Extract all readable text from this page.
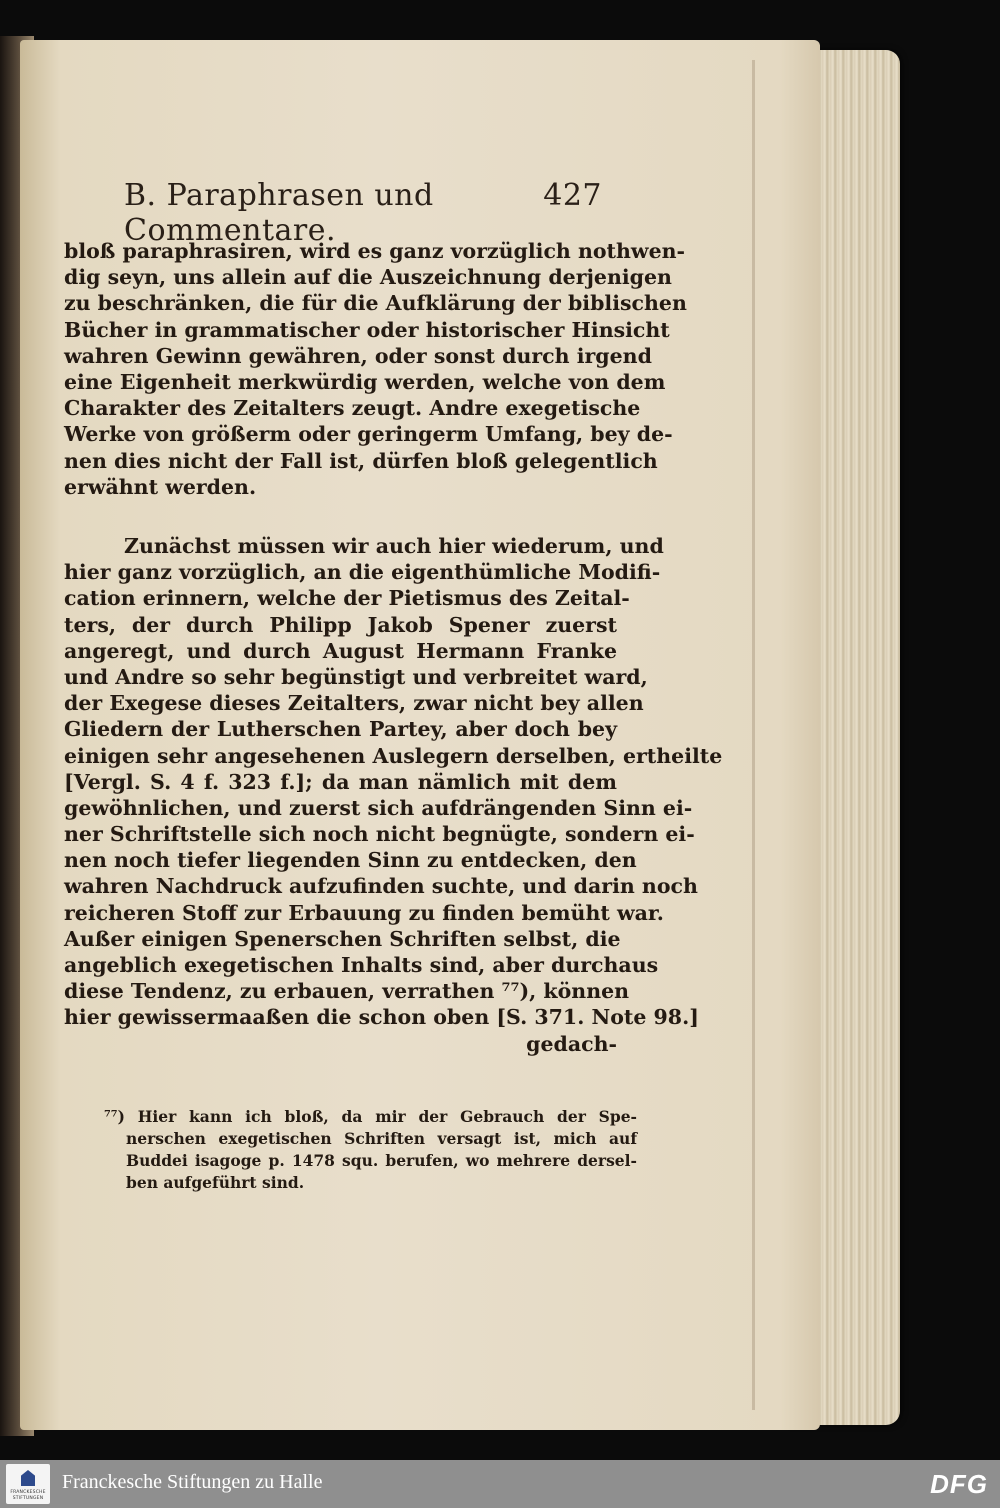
B. Paraphrasen und Commentare.
427
bloß paraphrasiren, wird es ganz vorzüglich nothwen-
dig seyn, uns allein auf die Auszeichnung derjenigen
zu beschränken, die für die Aufklärung der biblischen
Bücher in grammatischer oder historischer Hinsicht
wahren Gewinn gewähren, oder sonst durch irgend
eine Eigenheit merkwürdig werden, welche von dem
Charakter des Zeitalters zeugt. Andre exegetische
Werke von größerm oder geringerm Umfang, bey de-
nen dies nicht der Fall ist, dürfen bloß gelegentlich
erwähnt werden.
Zunächst müssen wir auch hier wiederum, und
hier ganz vorzüglich, an die eigenthümliche Modifi-
cation erinnern, welche der Pietismus des Zeital-
ters, der durch Philipp Jakob Spener zuerst
angeregt, und durch August Hermann Franke
und Andre so sehr begünstigt und verbreitet ward,
der Exegese dieses Zeitalters, zwar nicht bey allen
Gliedern der Lutherschen Partey, aber doch bey
einigen sehr angesehenen Auslegern derselben, ertheilte
[Vergl. S. 4 f. 323 f.]; da man nämlich mit dem
gewöhnlichen, und zuerst sich aufdrängenden Sinn ei-
ner Schriftstelle sich noch nicht begnügte, sondern ei-
nen noch tiefer liegenden Sinn zu entdecken, den
wahren Nachdruck aufzufinden suchte, und darin noch
reicheren Stoff zur Erbauung zu finden bemüht war.
Außer einigen Spenerschen Schriften selbst, die
angeblich exegetischen Inhalts sind, aber durchaus
diese Tendenz, zu erbauen, verrathen ⁷⁷), können
hier gewissermaaßen die schon oben [S. 371. Note 98.]
gedach-
⁷⁷) Hier kann ich bloß, da mir der Gebrauch der Spe-
nerschen exegetischen Schriften versagt ist, mich auf
Buddei isagoge p. 1478 squ. berufen, wo mehrere dersel-
ben aufgeführt sind.
FRANCKESCHE
STIFTUNGEN
Franckesche Stiftungen zu Halle	DFG
